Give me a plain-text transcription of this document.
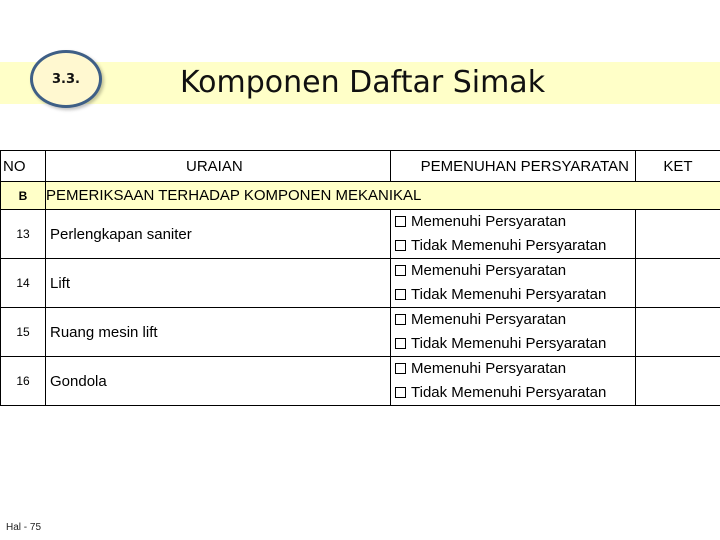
3.3.	Komponen Daftar Simak
NO	URAIAN	PEMENUHAN PERSYARATAN	KET
B	PEMERIKSAAN TERHADAP KOMPONEN MEKANIKAL		
13	Perlengkapan saniter	Memenuhi Persyaratan
Tidak Memenuhi Persyaratan	

14	Lift	Memenuhi Persyaratan
Tidak Memenuhi Persyaratan	

15	Ruang mesin lift	Memenuhi Persyaratan
Tidak Memenuhi Persyaratan	

16	Gondola	Memenuhi Persyaratan
Tidak Memenuhi Persyaratan	

Hal - 75
